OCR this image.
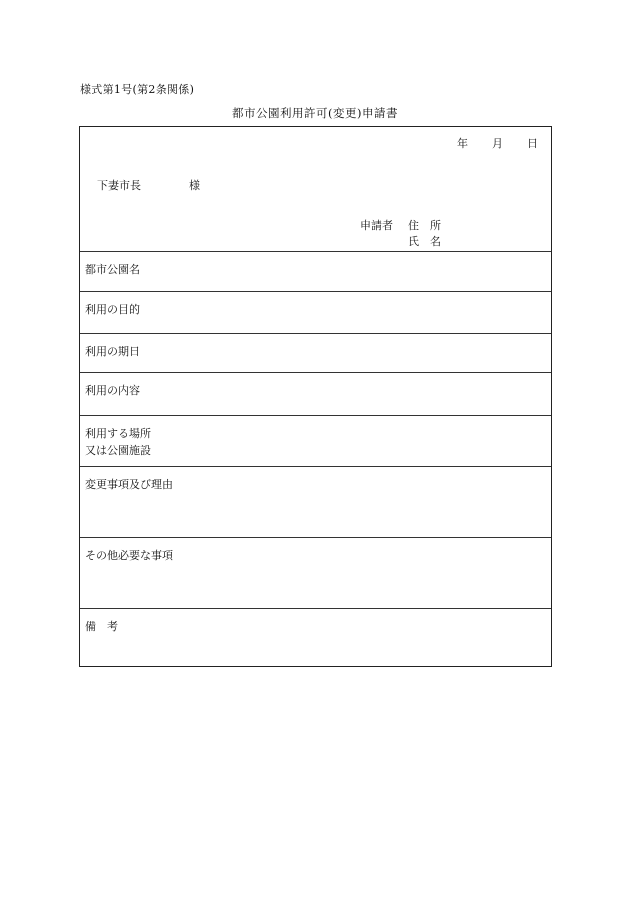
様式第1号(第2条関係)
都市公園利用許可(変更)申請書
年 月 日
下妻市長	様
申請者 住　所
氏　名
都市公園名
利用の目的
利用の期日
利用の内容
利用する場所
又は公園施設
変更事項及び理由
その他必要な事項
備　考
